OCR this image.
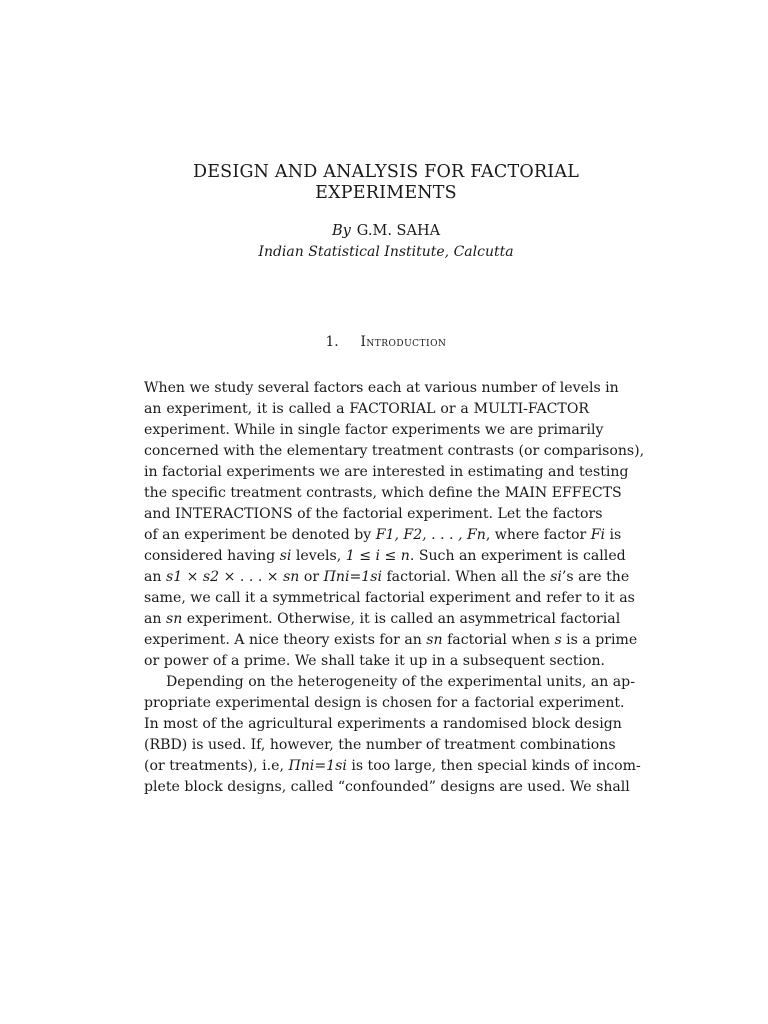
DESIGN AND ANALYSIS FOR FACTORIAL
EXPERIMENTS
By G.M. SAHA
Indian Statistical Institute, Calcutta
1. Introduction
When we study several factors each at various number of levels in
an experiment, it is called a FACTORIAL or a MULTI-FACTOR
experiment. While in single factor experiments we are primarily
concerned with the elementary treatment contrasts (or comparisons),
in factorial experiments we are interested in estimating and testing
the specific treatment contrasts, which define the MAIN EFFECTS
and INTERACTIONS of the factorial experiment. Let the factors
of an experiment be denoted by F1, F2, . . . , Fn, where factor Fi is
considered having si levels, 1 ≤ i ≤ n. Such an experiment is called
an s1 × s2 × . . . × sn or Πni=1si factorial. When all the si’s are the
same, we call it a symmetrical factorial experiment and refer to it as
an sn experiment. Otherwise, it is called an asymmetrical factorial
experiment. A nice theory exists for an sn factorial when s is a prime
or power of a prime. We shall take it up in a subsequent section.
Depending on the heterogeneity of the experimental units, an ap-
propriate experimental design is chosen for a factorial experiment.
In most of the agricultural experiments a randomised block design
(RBD) is used. If, however, the number of treatment combinations
(or treatments), i.e, Πni=1si is too large, then special kinds of incom-
plete block designs, called “confounded” designs are used. We shall
